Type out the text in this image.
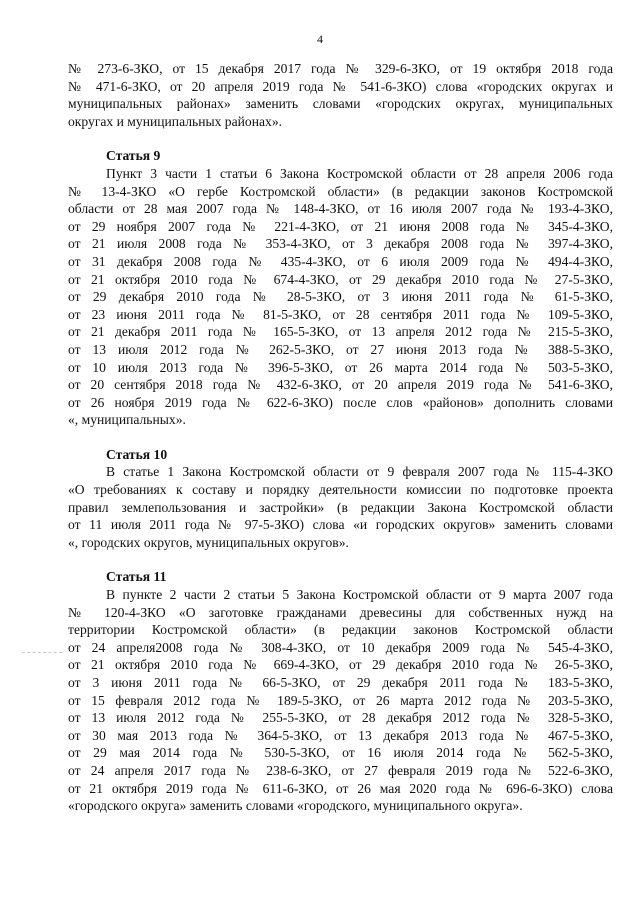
4
№ 273-6-ЗКО, от 15 декабря 2017 года № 329-6-ЗКО, от 19 октября 2018 года
№ 471-6-ЗКО, от 20 апреля 2019 года № 541-6-ЗКО) слова «городских округах и
муниципальных районах» заменить словами «городских округах, муниципальных
округах и муниципальных районах».
Статья 9
Пункт 3 части 1 статьи 6 Закона Костромской области от 28 апреля 2006 года
№ 13-4-ЗКО «О гербе Костромской области» (в редакции законов Костромской
области от 28 мая 2007 года № 148-4-ЗКО, от 16 июля 2007 года № 193-4-ЗКО,
от 29 ноября 2007 года № 221-4-ЗКО, от 21 июня 2008 года № 345-4-ЗКО,
от 21 июля 2008 года № 353-4-ЗКО, от 3 декабря 2008 года № 397-4-ЗКО,
от 31 декабря 2008 года № 435-4-ЗКО, от 6 июля 2009 года № 494-4-ЗКО,
от 21 октября 2010 года № 674-4-ЗКО, от 29 декабря 2010 года № 27-5-ЗКО,
от 29 декабря 2010 года № 28-5-ЗКО, от 3 июня 2011 года № 61-5-ЗКО,
от 23 июня 2011 года № 81-5-ЗКО, от 28 сентября 2011 года № 109-5-ЗКО,
от 21 декабря 2011 года № 165-5-ЗКО, от 13 апреля 2012 года № 215-5-ЗКО,
от 13 июля 2012 года № 262-5-ЗКО, от 27 июня 2013 года № 388-5-ЗКО,
от 10 июля 2013 года № 396-5-ЗКО, от 26 марта 2014 года № 503-5-ЗКО,
от 20 сентября 2018 года № 432-6-ЗКО, от 20 апреля 2019 года № 541-6-ЗКО,
от 26 ноября 2019 года № 622-6-ЗКО) после слов «районов» дополнить словами
«, муниципальных».
Статья 10
В статье 1 Закона Костромской области от 9 февраля 2007 года № 115-4-ЗКО
«О требованиях к составу и порядку деятельности комиссии по подготовке проекта
правил землепользования и застройки» (в редакции Закона Костромской области
от 11 июля 2011 года № 97-5-ЗКО) слова «и городских округов» заменить словами
«, городских округов, муниципальных округов».
Статья 11
В пункте 2 части 2 статьи 5 Закона Костромской области от 9 марта 2007 года
№ 120-4-ЗКО «О заготовке гражданами древесины для собственных нужд на
территории Костромской области» (в редакции законов Костромской области
от 24 апреля2008 года № 308-4-ЗКО, от 10 декабря 2009 года № 545-4-ЗКО,
от 21 октября 2010 года № 669-4-ЗКО, от 29 декабря 2010 года № 26-5-ЗКО,
от 3 июня 2011 года № 66-5-ЗКО, от 29 декабря 2011 года № 183-5-ЗКО,
от 15 февраля 2012 года № 189-5-ЗКО, от 26 марта 2012 года № 203-5-ЗКО,
от 13 июля 2012 года № 255-5-ЗКО, от 28 декабря 2012 года № 328-5-ЗКО,
от 30 мая 2013 года № 364-5-ЗКО, от 13 декабря 2013 года № 467-5-ЗКО,
от 29 мая 2014 года № 530-5-ЗКО, от 16 июля 2014 года № 562-5-ЗКО,
от 24 апреля 2017 года № 238-6-ЗКО, от 27 февраля 2019 года № 522-6-ЗКО,
от 21 октября 2019 года № 611-6-ЗКО, от 26 мая 2020 года № 696-6-ЗКО) слова
«городского округа» заменить словами «городского, муниципального округа».
